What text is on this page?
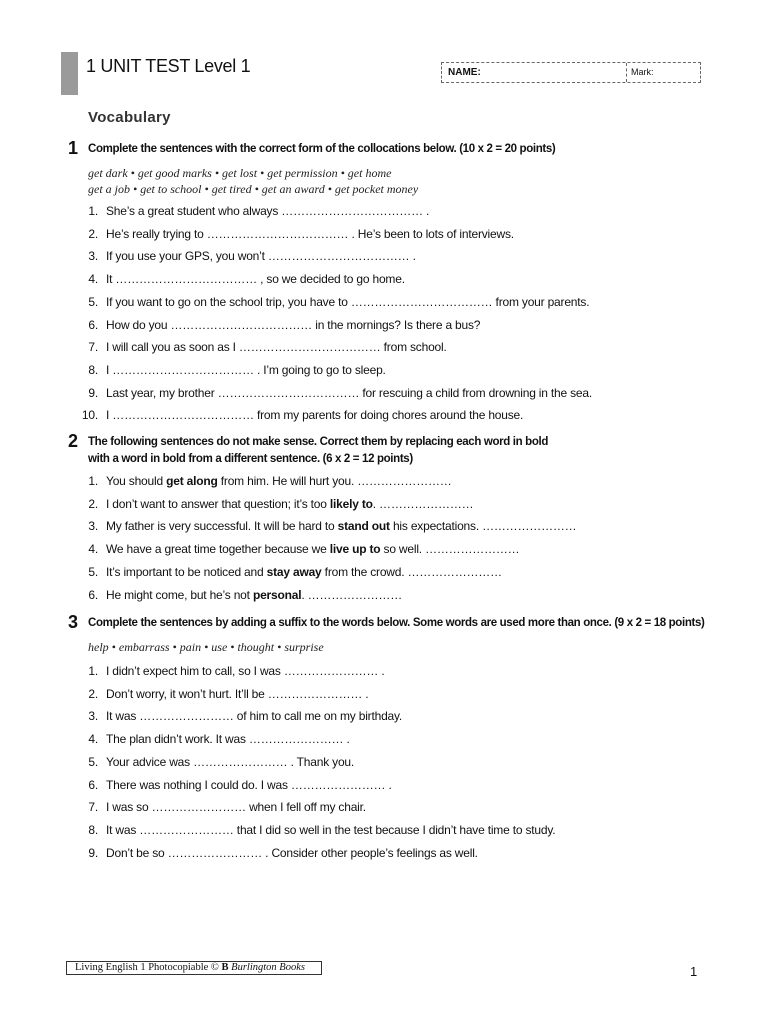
1 UNIT TEST Level 1	NAME:	Mark:
Vocabulary
1 Complete the sentences with the correct form of the collocations below. (10 x 2 = 20 points)
get dark • get good marks • get lost • get permission • get home
get a job • get to school • get tired • get an award • get pocket money
1. She’s a great student who always ……………………………… .
2. He’s really trying to ……………………………… . He’s been to lots of interviews.
3. If you use your GPS, you won’t ……………………………… .
4. It ……………………………… , so we decided to go home.
5. If you want to go on the school trip, you have to ……………………………… from your parents.
6. How do you ……………………………… in the mornings? Is there a bus?
7. I will call you as soon as I ……………………………… from school.
8. I ……………………………… . I’m going to go to sleep.
9. Last year, my brother ……………………………… for rescuing a child from drowning in the sea.
10. I ……………………………… from my parents for doing chores around the house.
2 The following sentences do not make sense. Correct them by replacing each word in bold
with a word in bold from a different sentence. (6 x 2 = 12 points)
1. You should get along from him. He will hurt you. ……………………
2. I don’t want to answer that question; it’s too likely to. ……………………
3. My father is very successful. It will be hard to stand out his expectations. ……………………
4. We have a great time together because we live up to so well. ……………………
5. It’s important to be noticed and stay away from the crowd. ……………………
6. He might come, but he’s not personal. ……………………
3 Complete the sentences by adding a suffix to the words below. Some words are used more than once. (9 x 2 = 18 points)
help • embarrass • pain • use • thought • surprise
1. I didn’t expect him to call, so I was …………………… .
2. Don’t worry, it won’t hurt. It’ll be …………………… .
3. It was …………………… of him to call me on my birthday.
4. The plan didn’t work. It was …………………… .
5. Your advice was …………………… . Thank you.
6. There was nothing I could do. I was …………………… .
7. I was so …………………… when I fell off my chair.
8. It was …………………… that I did so well in the test because I didn’t have time to study.
9. Don’t be so …………………… . Consider other people’s feelings as well.
Living English 1 Photocopiable © B Burlington Books	1
